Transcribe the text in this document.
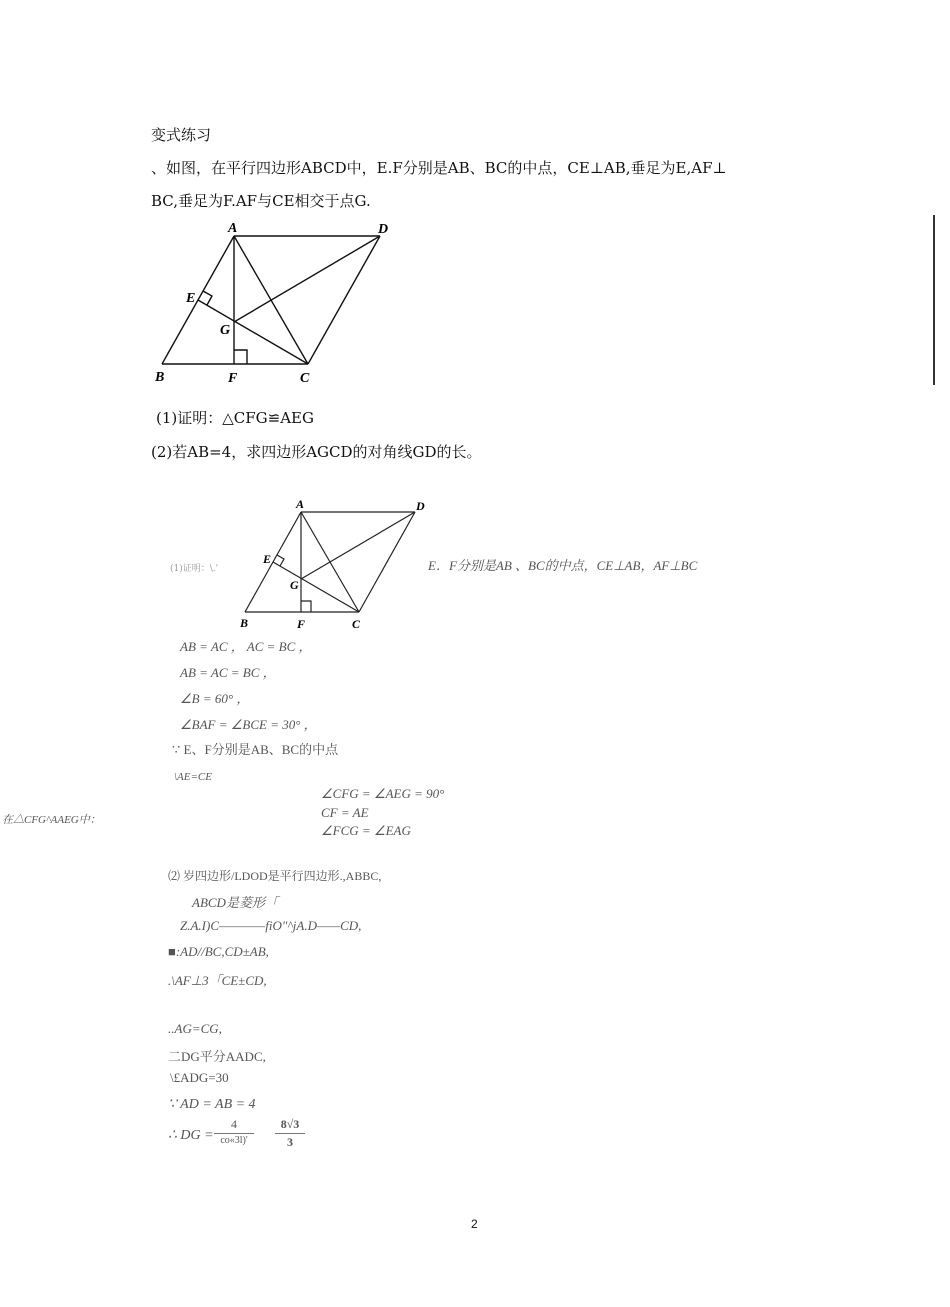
变式练习
、如图，在平行四边形ABCD中，E.F分别是AB、BC的中点，CE⊥AB,垂足为E,AF⊥
BC,垂足为F.AF与CE相交于点G.
A	D
E
G
B	F	C
(1)证明：△CFG≌AEG
(2)若AB=4，求四边形AGCD的对角线GD的长。
A	D
E
G
B	F	C
(1)证明：\.'	E．F分别是AB 、BC的中点，CE⊥AB，AF⊥BC
AB = AC ， AC = BC ，
AB = AC = BC ，
∠B = 60° ，
∠BAF = ∠BCE = 30° ，
∵ E、F分别是AB、BC的中点
\AE=CE
在△CFG^AAEG中：
∠CFG = ∠AEG = 90°
CF = AE
∠FCG = ∠EAG
⑵ 岁四边形/LDOD是平行四边形.,ABBC,
ABCD是菱形「
Z.A.I)C————fiO"^jA.D——CD,
■:AD//BC,CD±AB,
.\AF⊥3「CE±CD,
..AG=CG,
二DG平分AADC,
\£ADG=30
∵ AD = AB = 4
∴ DG =
4
co«3l)'
8√3
3
2
